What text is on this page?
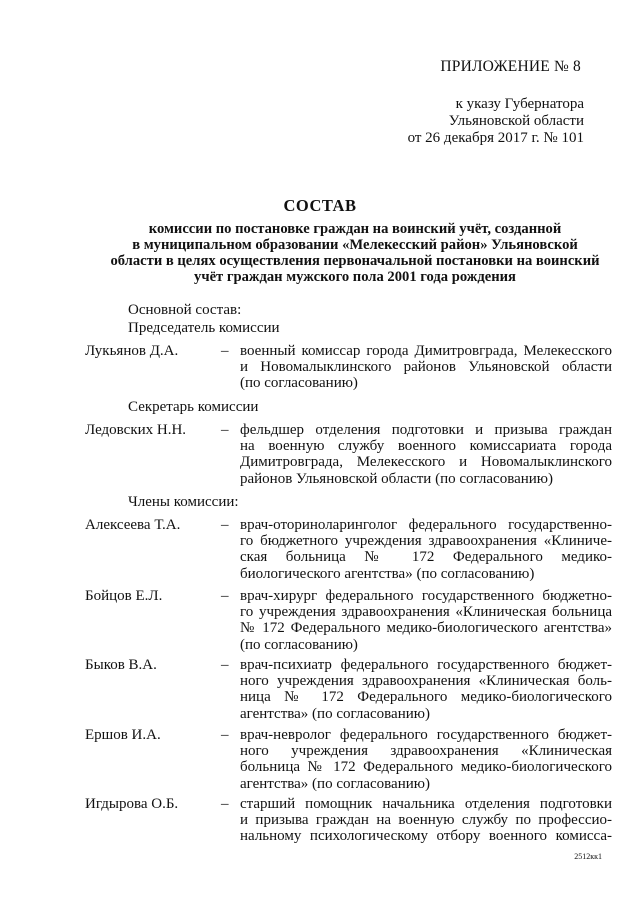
ПРИЛОЖЕНИЕ № 8
к указу Губернатора
Ульяновской области
от 26 декабря 2017 г. № 101
СОСТАВ
комиссии по постановке граждан на воинский учёт, созданной
в муниципальном образовании «Мелекесский район» Ульяновской
области в целях осуществления первоначальной постановки на воинский
учёт граждан мужского пола 2001 года рождения
Основной состав:
Председатель комиссии
Лукьянов Д.А.	– военный комиссар города Димитровграда, Мелекесского
и Новомалыклинского районов Ульяновской области
(по согласованию)
Секретарь комиссии
Ледовских Н.Н. – фельдшер отделения подготовки и призыва граждан
на военную службу военного комиссариата города
Димитровграда, Мелекесского и Новомалыклинского
районов Ульяновской области (по согласованию)
Члены комиссии:
Алексеева Т.А.	– врач-оториноларинголог федерального государственно-
го бюджетного учреждения здравоохранения «Клиниче-
ская больница № 172 Федерального медико-
биологического агентства» (по согласованию)
Бойцов Е.Л.	– врач-хирург федерального государственного бюджетно-
го учреждения здравоохранения «Клиническая больница
№ 172 Федерального медико-биологического агентства»
(по согласованию)
Быков В.А.	– врач-психиатр федерального государственного бюджет-
ного учреждения здравоохранения «Клиническая боль-
ница № 172 Федерального медико-биологического
агентства» (по согласованию)
Ершов И.А.	– врач-невролог федерального государственного бюджет-
ного учреждения здравоохранения «Клиническая
больница № 172 Федерального медико-биологического
агентства» (по согласованию)
Игдырова О.Б.	– старший помощник начальника отделения подготовки
и призыва граждан на военную службу по профессио-
нальному психологическому отбору военного комисса-
2512кк1
